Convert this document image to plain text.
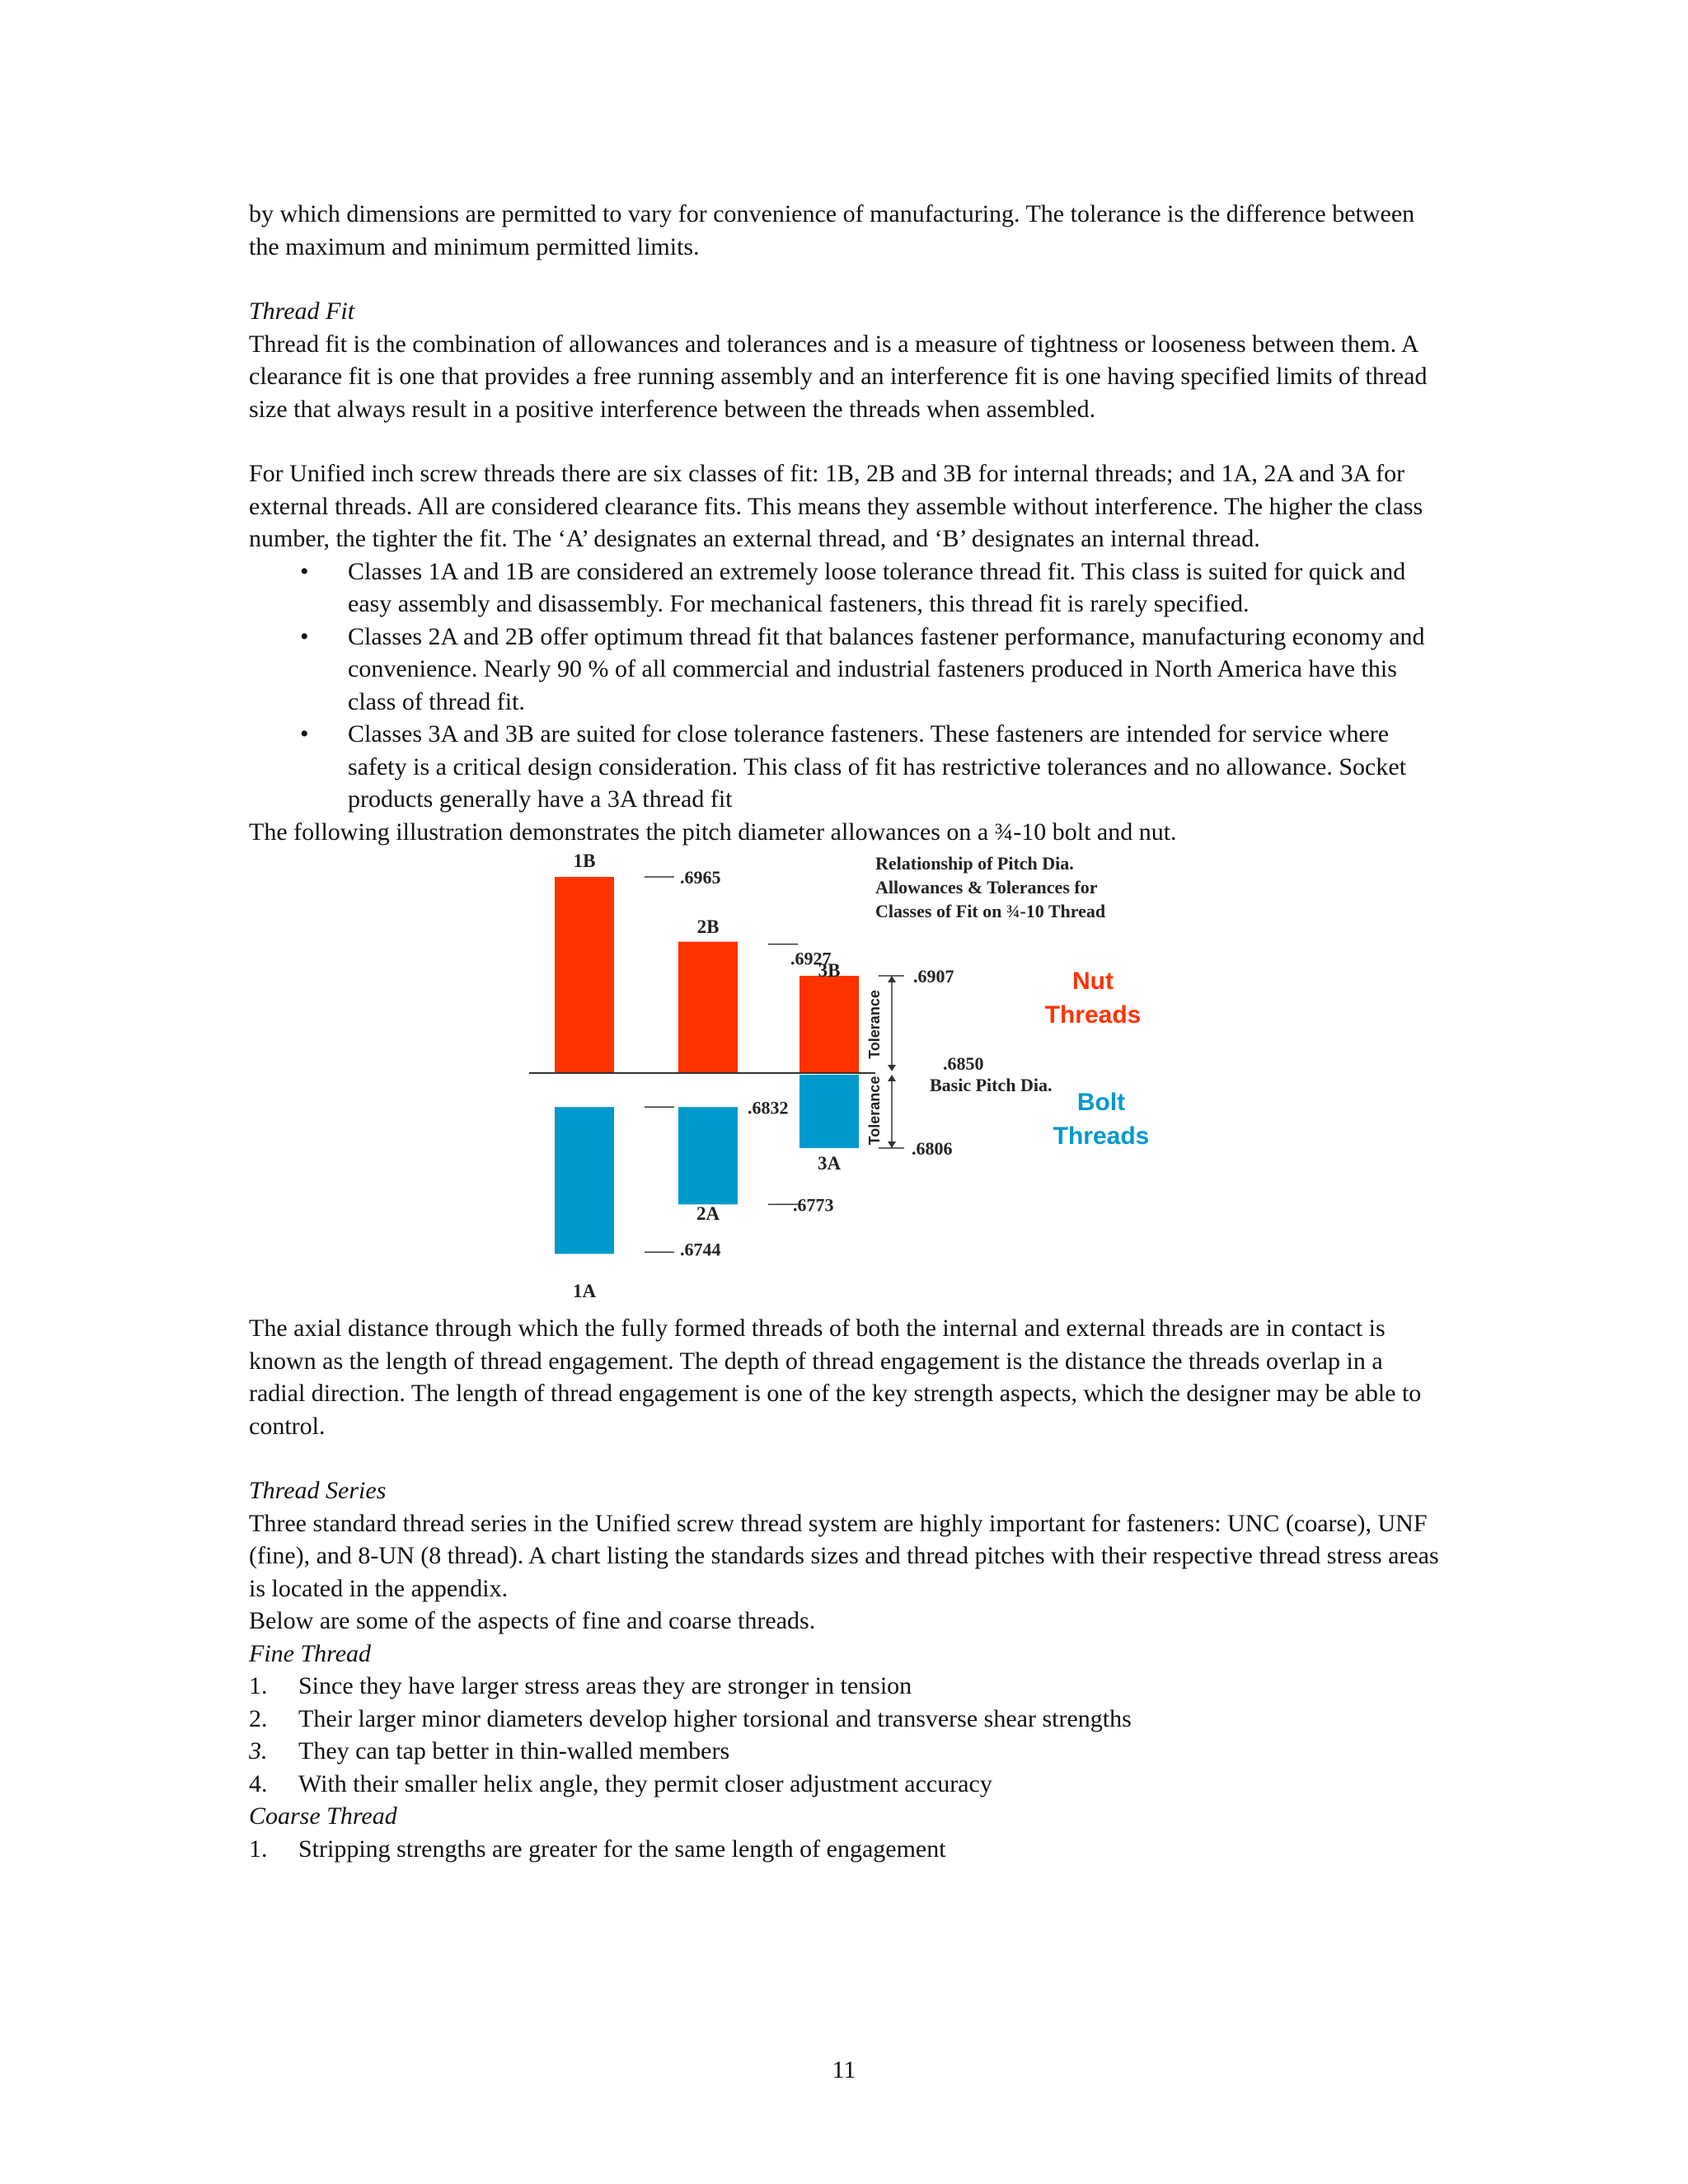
by which dimensions are permitted to vary for convenience of manufacturing. The tolerance is the difference between the maximum and minimum permitted limits.

Thread Fit

Thread fit is the combination of allowances and tolerances and is a measure of tightness or looseness between them. A clearance fit is one that provides a free running assembly and an interference fit is one having specified limits of thread size that always result in a positive interference between the threads when assembled.

For Unified inch screw threads there are six classes of fit: 1B, 2B and 3B for internal threads; and 1A, 2A and 3A for external threads. All are considered clearance fits. This means they assemble without interference. The higher the class number, the tighter the fit. The ‘A’ designates an external thread, and ‘B’ designates an internal thread.

• Classes 1A and 1B are considered an extremely loose tolerance thread fit. This class is suited for quick and easy assembly and disassembly. For mechanical fasteners, this thread fit is rarely specified.
• Classes 2A and 2B offer optimum thread fit that balances fastener performance, manufacturing economy and convenience. Nearly 90 % of all commercial and industrial fasteners produced in North America have this class of thread fit.
• Classes 3A and 3B are suited for close tolerance fasteners. These fasteners are intended for service where safety is a critical design consideration. This class of fit has restrictive tolerances and no allowance. Socket products generally have a 3A thread fit

The following illustration demonstrates the pitch diameter allowances on a ¾-10 bolt and nut.

1B
2B
3B
1A
2A
3A
.6965
.6927
.6907
.6850
Basic Pitch Dia.
.6832
.6773
.6744
.6806
Tolerance
Tolerance
Relationship of Pitch Dia.
Allowances & Tolerances for
Classes of Fit on ¾-10 Thread
Nut
Threads
Bolt
Threads

The axial distance through which the fully formed threads of both the internal and external threads are in contact is known as the length of thread engagement. The depth of thread engagement is the distance the threads overlap in a radial direction. The length of thread engagement is one of the key strength aspects, which the designer may be able to control.

Thread Series

Three standard thread series in the Unified screw thread system are highly important for fasteners: UNC (coarse), UNF (fine), and 8-UN (8 thread). A chart listing the standards sizes and thread pitches with their respective thread stress areas is located in the appendix.

Below are some of the aspects of fine and coarse threads.

Fine Thread

1. Since they have larger stress areas they are stronger in tension
2. Their larger minor diameters develop higher torsional and transverse shear strengths
3. They can tap better in thin-walled members
4. With their smaller helix angle, they permit closer adjustment accuracy

Coarse Thread

1. Stripping strengths are greater for the same length of engagement
11
